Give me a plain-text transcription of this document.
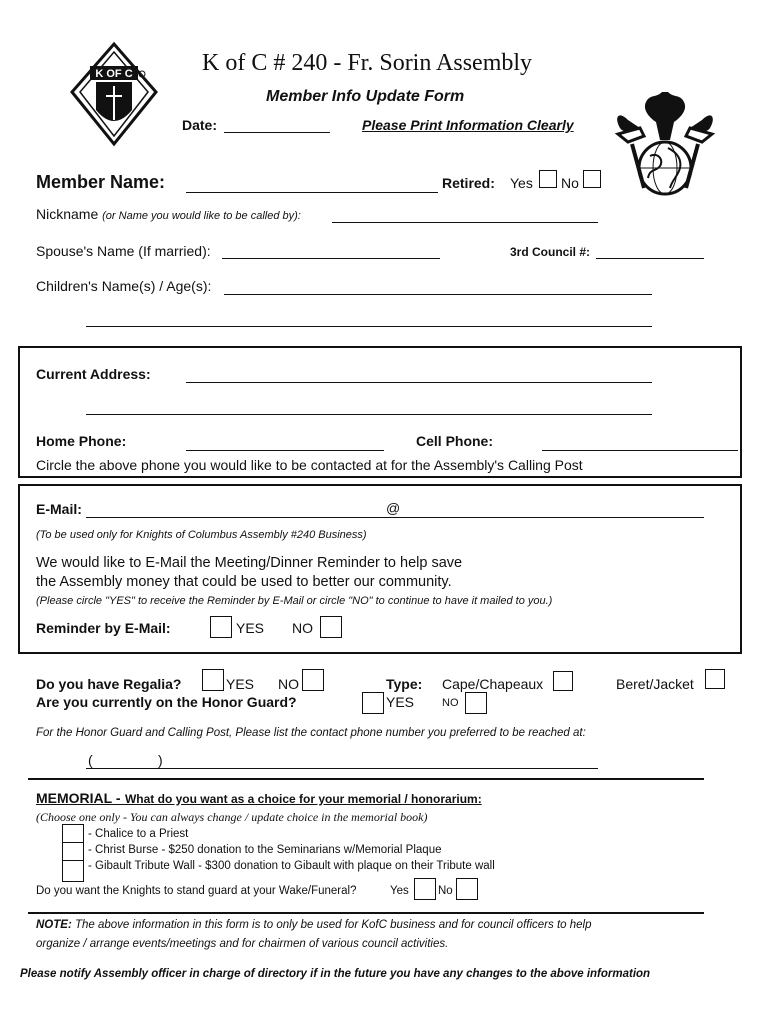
K OF C	K of C # 240 - Fr. Sorin Assembly
Member Info Update Form
Date:	Please Print Information Clearly
Member Name:	Retired: Yes No
Nickname (or Name you would like to be called by):
Spouse's Name (If married):	3rd Council #:
Children's Name(s) / Age(s):
Current Address:
Home Phone:	Cell Phone:
Circle the above phone you would like to be contacted at for the Assembly's Calling Post
E-Mail:	@
(To be used only for Knights of Columbus Assembly #240 Business)
We would like to E-Mail the Meeting/Dinner Reminder to help save
the Assembly money that could be used to better our community.
(Please circle "YES" to receive the Reminder by E-Mail or circle "NO" to continue to have it mailed to you.)
Reminder by E-Mail:	YES NO
Do you have Regalia?	YES NO	Type: Cape/Chapeaux	Beret/Jacket
Are you currently on the Honor Guard?	YES	NO
For the Honor Guard and Calling Post, Please list the contact phone number you preferred to be reached at:
(	)
MEMORIAL - What do you want as a choice for your memorial / honorarium:
(Choose one only - You can always change / update choice in the memorial book)
- Chalice to a Priest
- Christ Burse - $250 donation to the Seminarians w/Memorial Plaque
- Gibault Tribute Wall - $300 donation to Gibault with plaque on their Tribute wall
Do you want the Knights to stand guard at your Wake/Funeral?	Yes	No
NOTE: The above information in this form is to only be used for KofC business and for council officers to help
organize / arrange events/meetings and for chairmen of various council activities.
Please notify Assembly officer in charge of directory if in the future you have any changes to the above information
